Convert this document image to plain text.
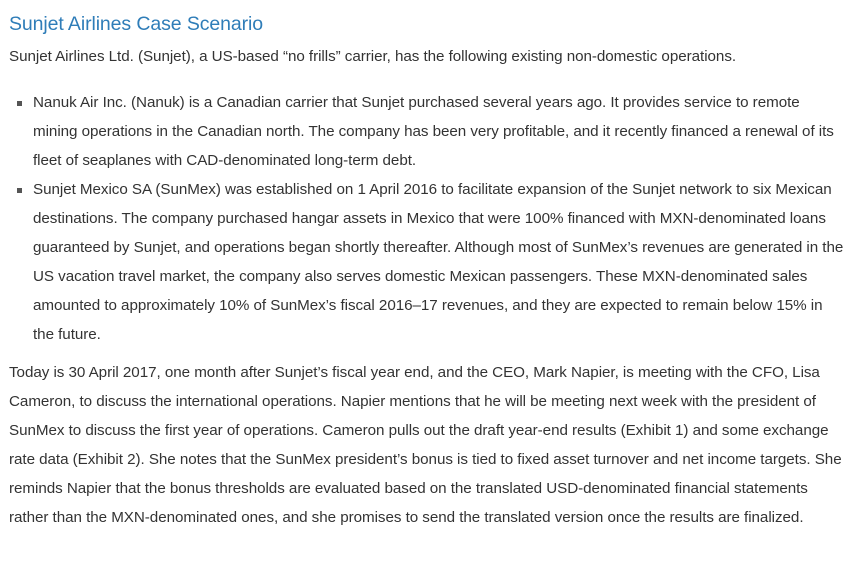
Sunjet Airlines Case Scenario

Sunjet Airlines Ltd. (Sunjet), a US-based “no frills” carrier, has the following existing non-domestic operations.

Nanuk Air Inc. (Nanuk) is a Canadian carrier that Sunjet purchased several years ago. It provides service to remote mining operations in the Canadian north. The company has been very profitable, and it recently financed a renewal of its fleet of seaplanes with CAD-denominated long-term debt.
Sunjet Mexico SA (SunMex) was established on 1 April 2016 to facilitate expansion of the Sunjet network to six Mexican destinations. The company purchased hangar assets in Mexico that were 100% financed with MXN-denominated loans guaranteed by Sunjet, and operations began shortly thereafter. Although most of SunMex’s revenues are generated in the US vacation travel market, the company also serves domestic Mexican passengers. These MXN-denominated sales amounted to approximately 10% of SunMex’s fiscal 2016–17 revenues, and they are expected to remain below 15% in the future.

Today is 30 April 2017, one month after Sunjet’s fiscal year end, and the CEO, Mark Napier, is meeting with the CFO, Lisa Cameron, to discuss the international operations. Napier mentions that he will be meeting next week with the president of SunMex to discuss the first year of operations. Cameron pulls out the draft year-end results (Exhibit 1) and some exchange rate data (Exhibit 2). She notes that the SunMex president’s bonus is tied to fixed asset turnover and net income targets. She reminds Napier that the bonus thresholds are evaluated based on the translated USD-denominated financial statements rather than the MXN-denominated ones, and she promises to send the translated version once the results are finalized.
